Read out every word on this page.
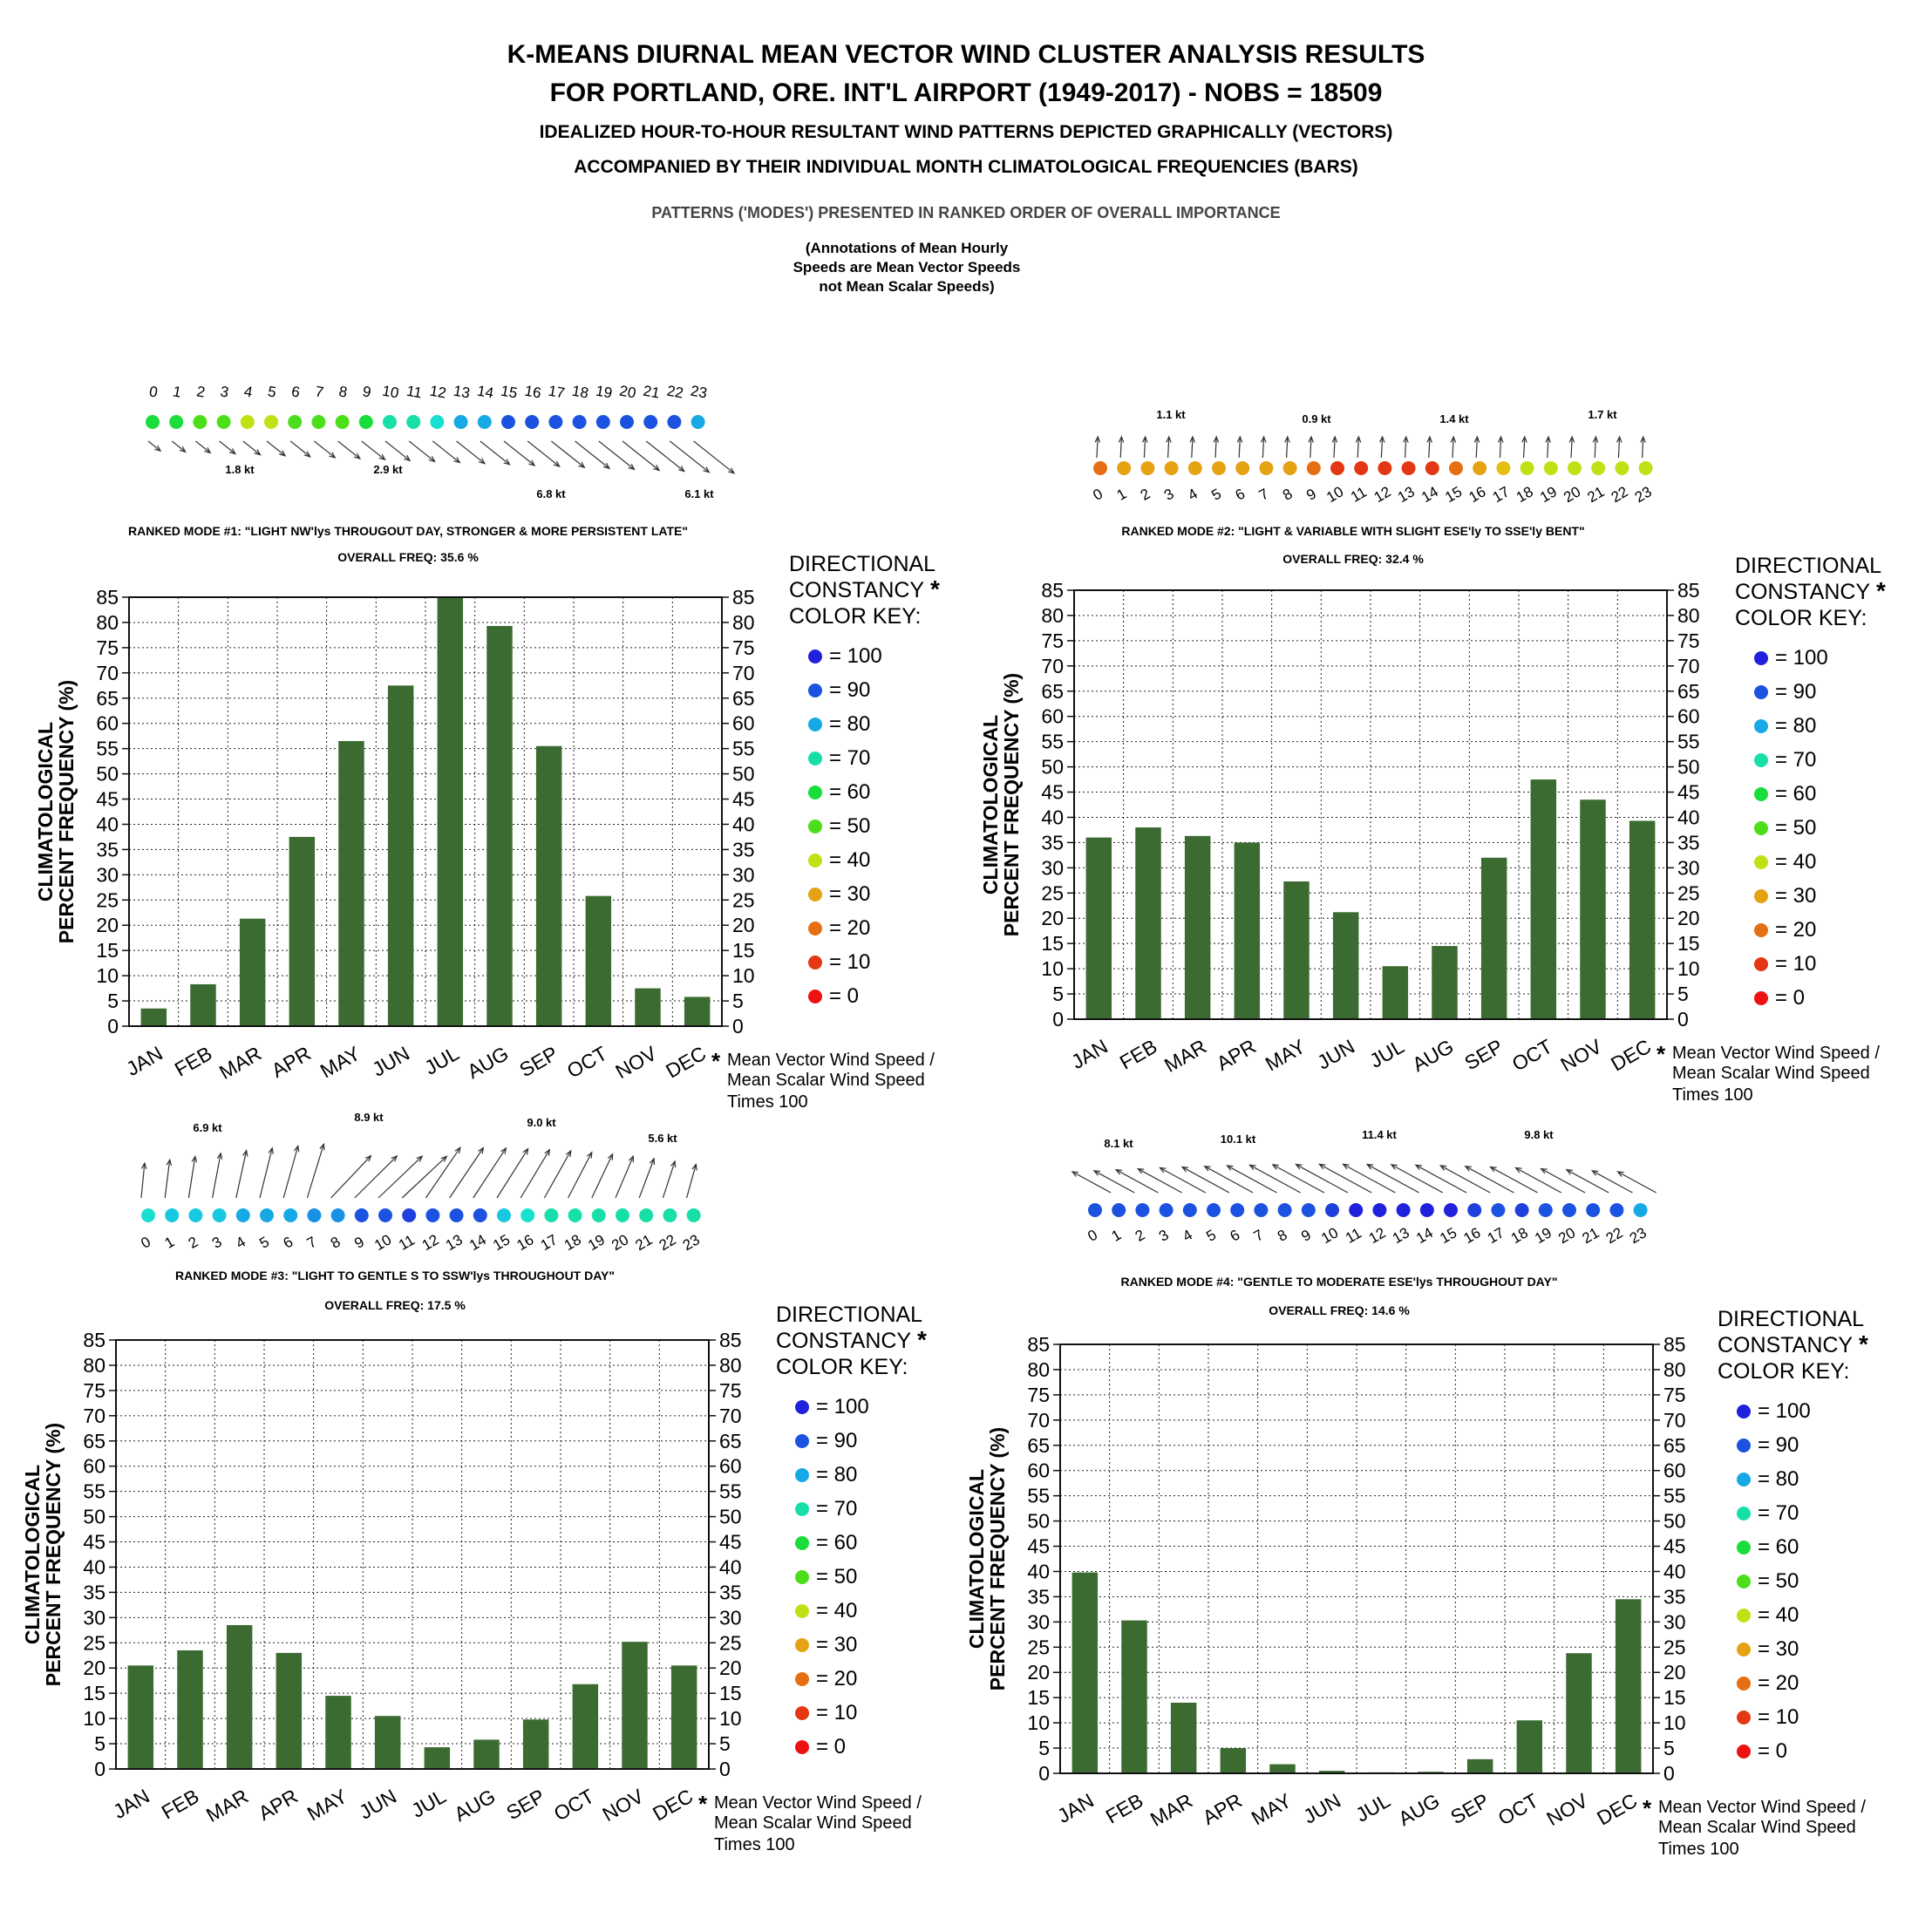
K-MEANS DIURNAL MEAN VECTOR WIND CLUSTER ANALYSIS RESULTS
FOR PORTLAND, ORE. INT'L AIRPORT (1949-2017) - NOBS = 18509
IDEALIZED HOUR-TO-HOUR RESULTANT WIND PATTERNS DEPICTED GRAPHICALLY (VECTORS)
ACCOMPANIED BY THEIR INDIVIDUAL MONTH CLIMATOLOGICAL FREQUENCIES (BARS)
PATTERNS ('MODES') PRESENTED IN RANKED ORDER OF OVERALL IMPORTANCE
(Annotations of Mean Hourly
Speeds are Mean Vector Speeds
not Mean Scalar Speeds)
0 1 2 3 4 5 6 7 8 9 10 11 12 13 14 15 16 17 18 19 20 21 22 23
1.8 kt	2.9 kt
6.8 kt	6.1 kt
RANKED MODE #1: "LIGHT NW'lys THROUGOUT DAY, STRONGER & MORE PERSISTENT LATE"
OVERALL FREQ: 35.6 %
0	0
5	5
10	10
15	15
20	20
25	25
30	30
35	35
40	40
45	45
50	50
55	55
60	60
65	65
70	70
75	75
80	80
85	85
JAN FEB MAR APR MAY JUN JUL AUG SEP OCT NOV DEC
CLIMATOLOGICAL
PERCENT FREQUENCY (%)
DIRECTIONAL
CONSTANCY
COLOR KEY:
*
= 100
= 90
= 80
= 70
= 60
= 50
= 40
= 30
= 20
= 10
= 0
* Mean Vector Wind Speed /
Mean Scalar Wind Speed
Times 100
0 1 2 3 4 5 6 7 8 9 10 11 12 13 14 15 16 17 18 19 20 21 22 23
1.1 kt	0.9 kt	1.4 kt	1.7 kt
RANKED MODE #2: "LIGHT & VARIABLE WITH SLIGHT ESE'ly TO SSE'ly BENT"
OVERALL FREQ: 32.4 %
0	0
5	5
10	10
15	15
20	20
25	25
30	30
35	35
40	40
45	45
50	50
55	55
60	60
65	65
70	70
75	75
80	80
85	85
JAN FEB MAR APR MAY JUN JUL AUG SEP OCT NOV DEC
CLIMATOLOGICAL
PERCENT FREQUENCY (%)
DIRECTIONAL
CONSTANCY
COLOR KEY:
*
= 100
= 90
= 80
= 70
= 60
= 50
= 40
= 30
= 20
= 10
= 0
* Mean Vector Wind Speed /
Mean Scalar Wind Speed
Times 100
0 1 2 3 4 5 6 7 8 9 10 11 12 13 14 15 16 17 18 19 20 21 22 23
6.9 kt
8.9 kt	9.0 kt
5.6 kt
RANKED MODE #3: "LIGHT TO GENTLE S TO SSW'lys THROUGHOUT DAY"
OVERALL FREQ: 17.5 %
0	0
5	5
10	10
15	15
20	20
25	25
30	30
35	35
40	40
45	45
50	50
55	55
60	60
65	65
70	70
75	75
80	80
85	85
JAN FEB MAR APR MAY JUN JUL AUG SEP OCT NOV DEC
CLIMATOLOGICAL
PERCENT FREQUENCY (%)
DIRECTIONAL
CONSTANCY
COLOR KEY:
*
= 100
= 90
= 80
= 70
= 60
= 50
= 40
= 30
= 20
= 10
= 0
* Mean Vector Wind Speed /
Mean Scalar Wind Speed
Times 100
0 1 2 3 4 5 6 7 8 9 10 11 12 13 14 15 16 17 18 19 20 21 22 23
8.1 kt	10.1 kt	11.4 kt	9.8 kt
RANKED MODE #4: "GENTLE TO MODERATE ESE'lys THROUGHOUT DAY"
OVERALL FREQ: 14.6 %
0	0
5	5
10	10
15	15
20	20
25	25
30	30
35	35
40	40
45	45
50	50
55	55
60	60
65	65
70	70
75	75
80	80
85	85
JAN FEB MAR APR MAY JUN JUL AUG SEP OCT NOV DEC
CLIMATOLOGICAL
PERCENT FREQUENCY (%)
DIRECTIONAL
CONSTANCY
COLOR KEY:
*
= 100
= 90
= 80
= 70
= 60
= 50
= 40
= 30
= 20
= 10
= 0
* Mean Vector Wind Speed /
Mean Scalar Wind Speed
Times 100
